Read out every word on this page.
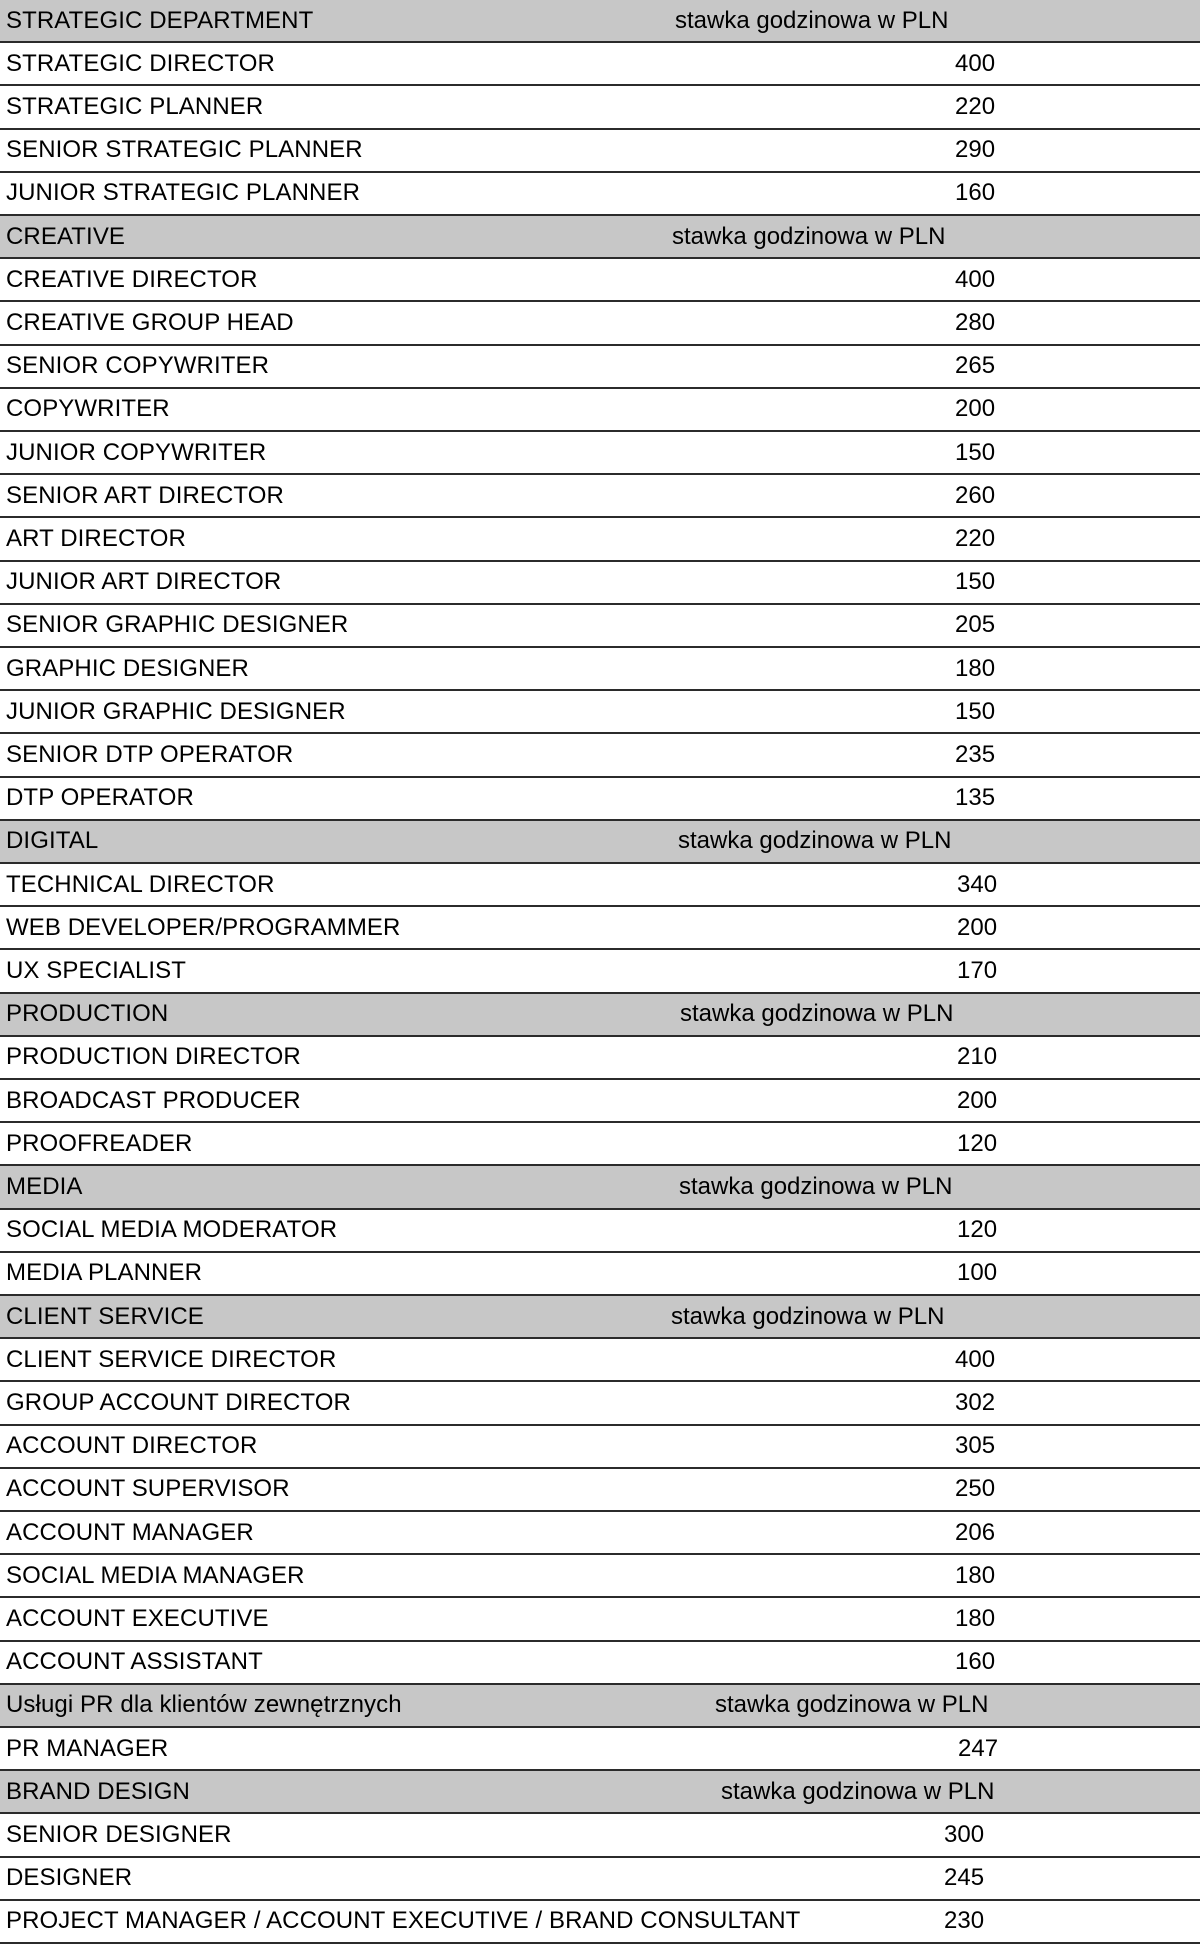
STRATEGIC DEPARTMENT	stawka godzinowa w PLN
STRATEGIC DIRECTOR	400
STRATEGIC PLANNER	220
SENIOR STRATEGIC PLANNER	290
JUNIOR STRATEGIC PLANNER	160
CREATIVE	stawka godzinowa w PLN
CREATIVE DIRECTOR	400
CREATIVE GROUP HEAD	280
SENIOR COPYWRITER	265
COPYWRITER	200
JUNIOR COPYWRITER	150
SENIOR ART DIRECTOR	260
ART DIRECTOR	220
JUNIOR ART DIRECTOR	150
SENIOR GRAPHIC DESIGNER	205
GRAPHIC DESIGNER	180
JUNIOR GRAPHIC DESIGNER	150
SENIOR DTP OPERATOR	235
DTP OPERATOR	135
DIGITAL	stawka godzinowa w PLN
TECHNICAL DIRECTOR	340
WEB DEVELOPER/PROGRAMMER	200
UX SPECIALIST	170
PRODUCTION	stawka godzinowa w PLN
PRODUCTION DIRECTOR	210
BROADCAST PRODUCER	200
PROOFREADER	120
MEDIA	stawka godzinowa w PLN
SOCIAL MEDIA MODERATOR	120
MEDIA PLANNER	100
CLIENT SERVICE	stawka godzinowa w PLN
CLIENT SERVICE DIRECTOR	400
GROUP ACCOUNT DIRECTOR	302
ACCOUNT DIRECTOR	305
ACCOUNT SUPERVISOR	250
ACCOUNT MANAGER	206
SOCIAL MEDIA MANAGER	180
ACCOUNT EXECUTIVE	180
ACCOUNT ASSISTANT	160
Usługi PR dla klientów zewnętrznych	stawka godzinowa w PLN
PR MANAGER	247
BRAND DESIGN	stawka godzinowa w PLN
SENIOR DESIGNER	300
DESIGNER	245
PROJECT MANAGER / ACCOUNT EXECUTIVE / BRAND CONSULTANT	230
